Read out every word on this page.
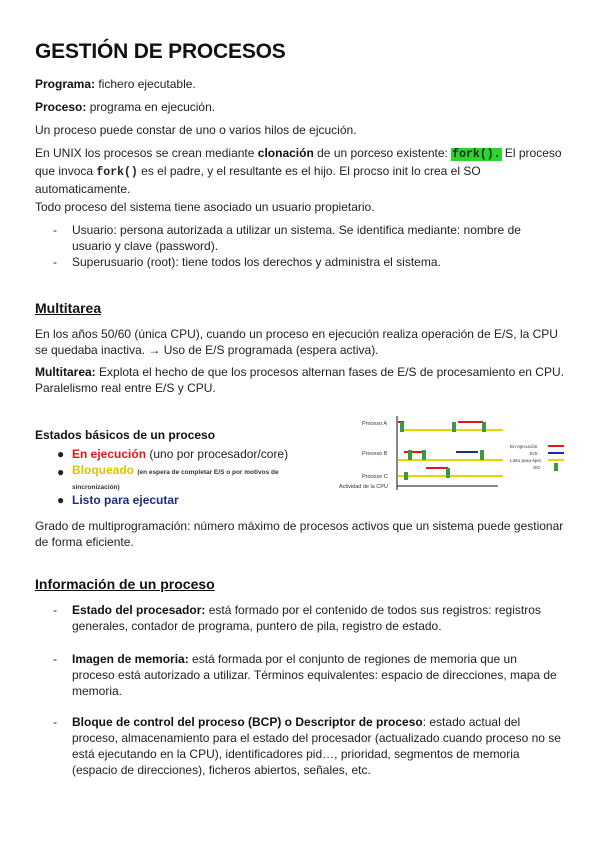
GESTIÓN DE PROCESOS

Programa: fichero ejecutable.

Proceso: programa en ejecución.

Un proceso puede constar de uno o varios hilos de ejcución.

En UNIX los procesos se crean mediante clonación de un porceso existente: fork(). El proceso que invoca fork() es el padre, y el resultante es el hijo. El procso init lo crea el SO automaticamente.

Todo proceso del sistema tiene asociado un usuario propietario.

- Usuario: persona autorizada a utilizar un sistema. Se identifica mediante: nombre de usuario y clave (password).
- Superusuario (root): tiene todos los derechos y administra el sistema.
Multitarea

En los años 50/60 (única CPU), cuando un proceso en ejecución realiza operación de E/S, la CPU se quedaba inactiva. → Uso de E/S programada (espera activa).

Multitarea: Explota el hecho de que los procesos alternan fases de E/S de procesamiento en CPU. Paralelismo real entre E/S y CPU.

Estados básicos de un proceso
● En ejecución (uno por procesador/core)
● Bloqueado (en espera de completar E/S o por motivos de sincronización)
● Listo para ejecutar
Proceso A
Proceso B
Proceso C
Actividad de la CPU
En ejecución
E/S
Listo para ejec.
SO

Grado de multiprogramación: número máximo de procesos activos que un sistema puede gestionar de forma eficiente.

Información de un proceso
-	Estado del procesador: está formado por el contenido de todos sus registros: registros generales, contador de programa, puntero de pila, registro de estado.
-	Imagen de memoria: está formada por el conjunto de regiones de memoria que un proceso está autorizado a utilizar. Términos equivalentes: espacio de direcciones, mapa de memoria.
-	Bloque de control del proceso (BCP) o Descriptor de proceso: estado actual del proceso, almacenamiento para el estado del procesador (actualizado cuando proceso no se está ejecutando en la CPU), identificadores pid…, prioridad, segmentos de memoria (espacio de direcciones), ficheros abiertos, señales, etc.
